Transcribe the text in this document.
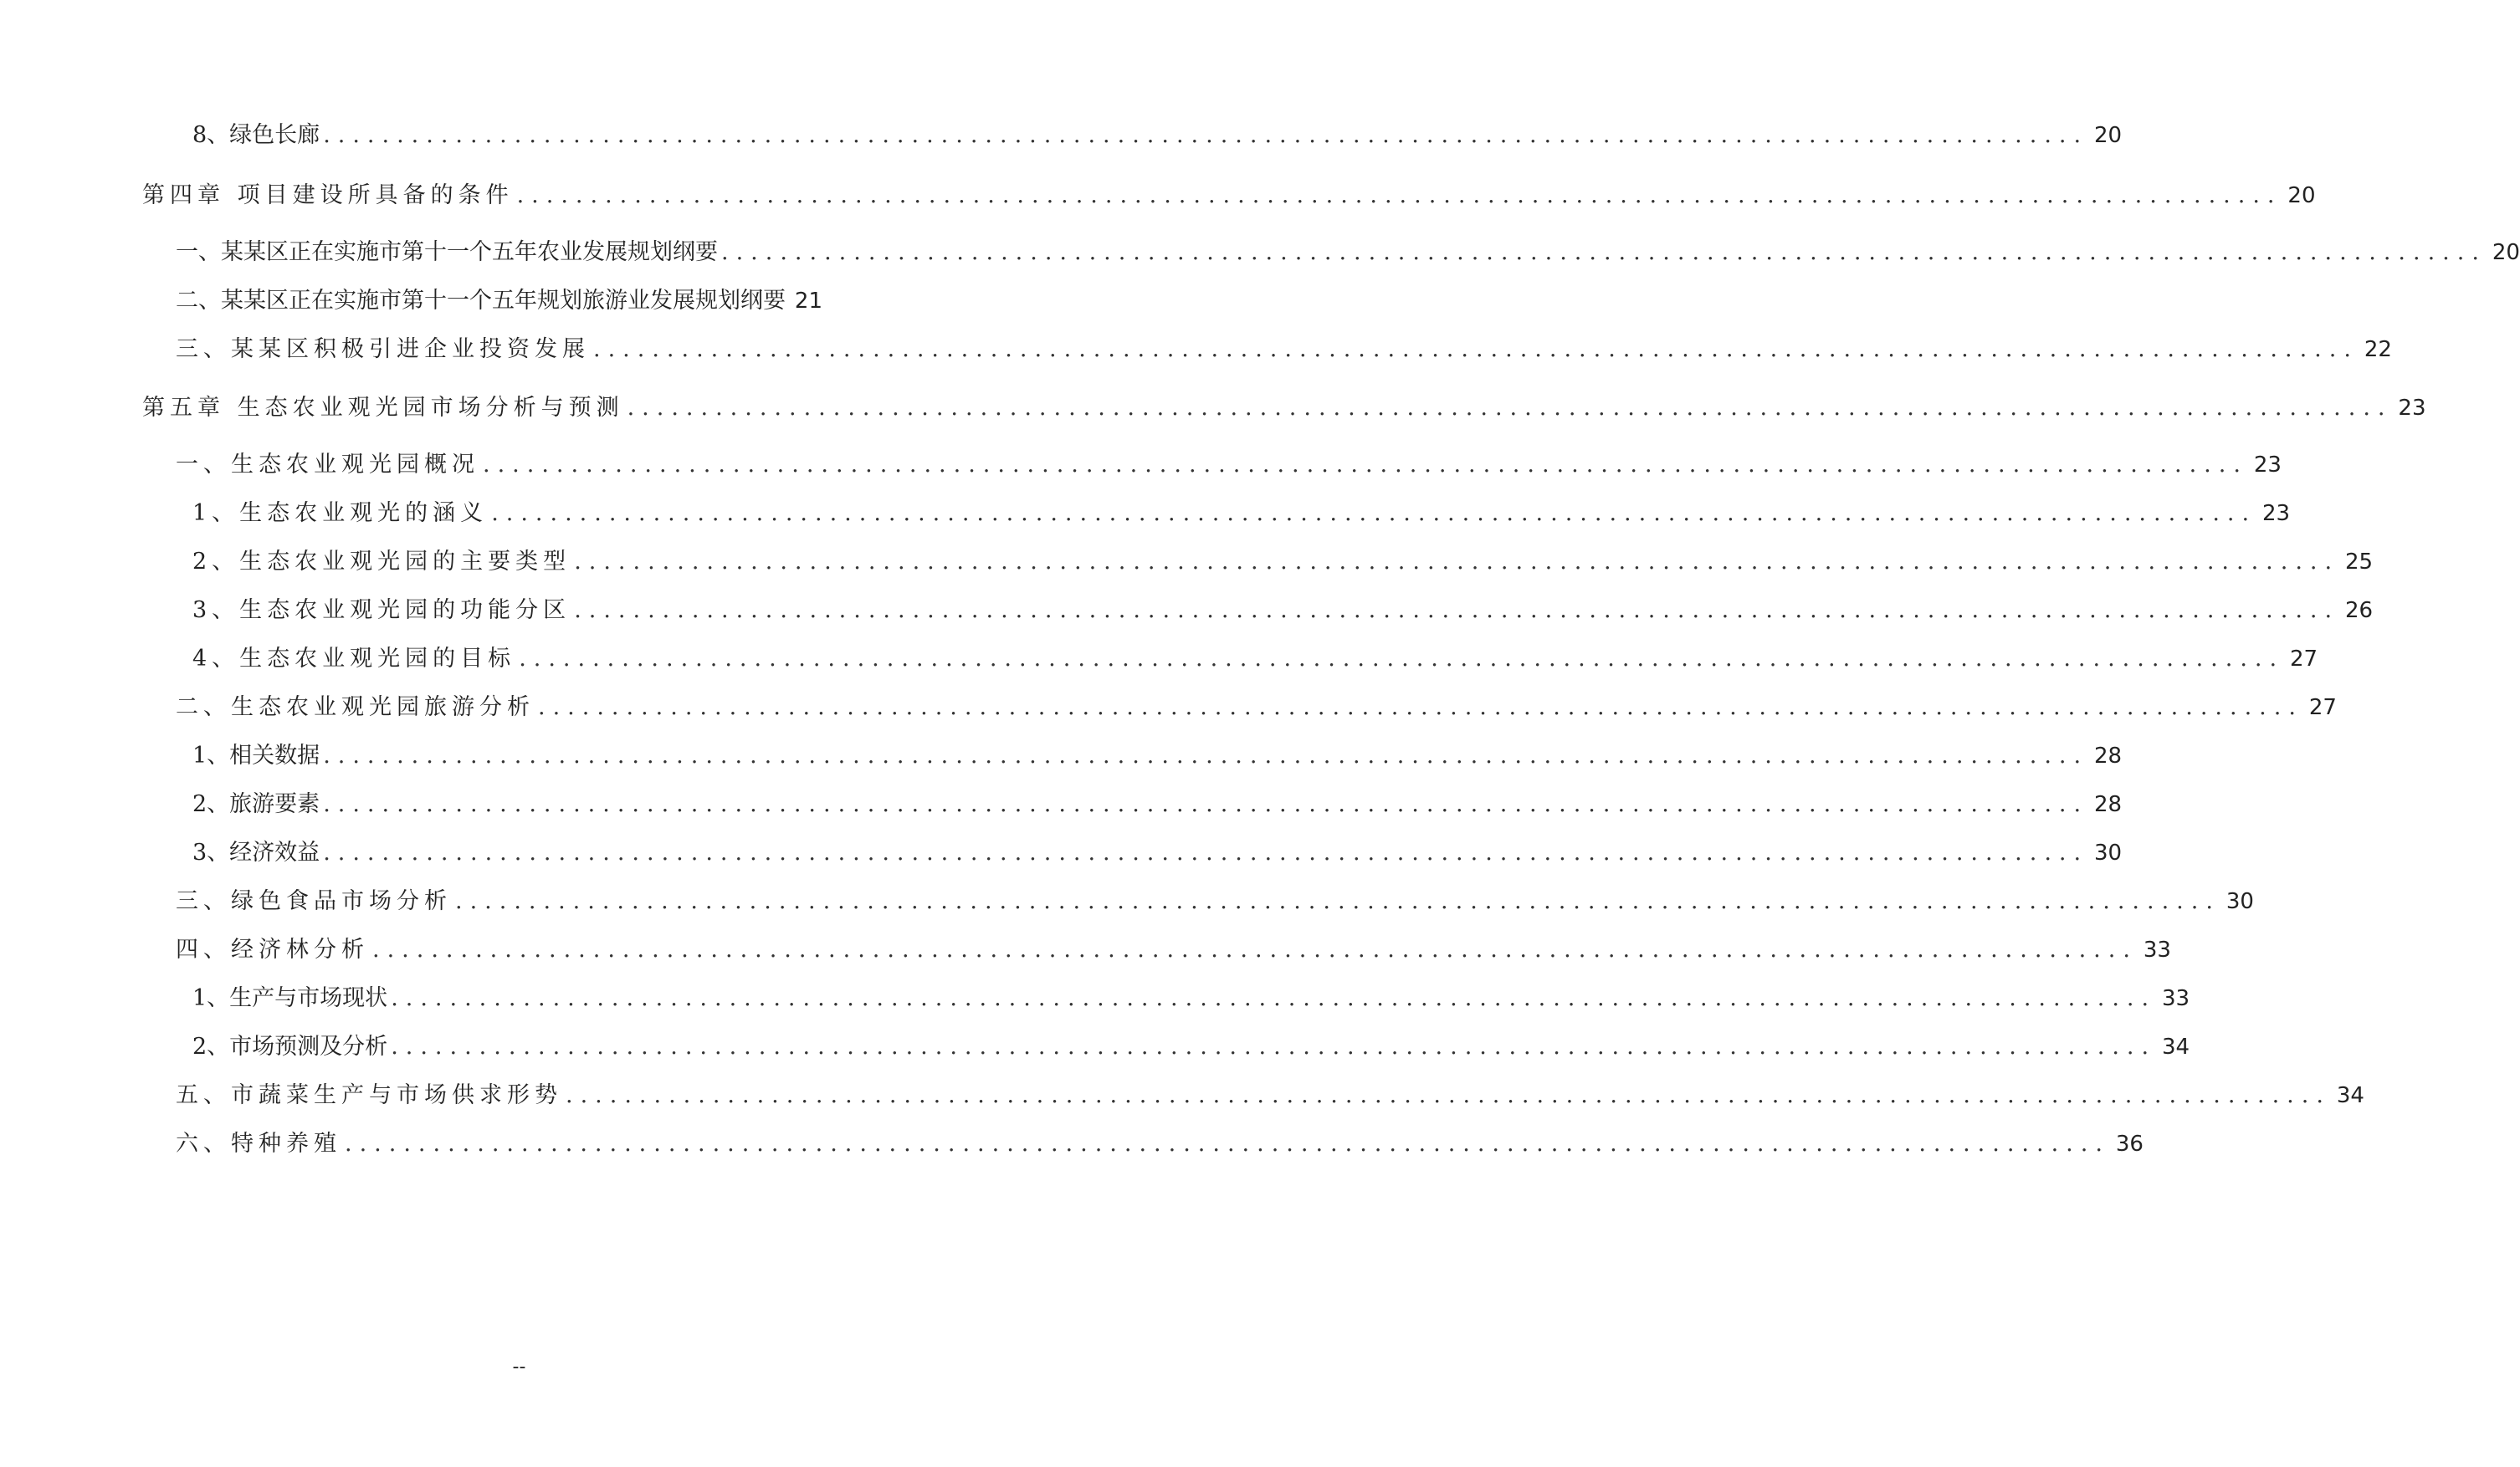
8、绿色长廊 ........................................................................................................................ 20
第四章 项目建设所具备的条件 ........................................................................................................................ 20
一、某某区正在实施市第十一个五年农业发展规划纲要 ........................................................................................................................ 20
二、某某区正在实施市第十一个五年规划旅游业发展规划纲要 21
三、某某区积极引进企业投资发展 ........................................................................................................................ 22
第五章 生态农业观光园市场分析与预测 ........................................................................................................................ 23
一、生态农业观光园概况 ........................................................................................................................ 23
1、生态农业观光的涵义 ........................................................................................................................ 23
2、生态农业观光园的主要类型 ........................................................................................................................ 25
3、生态农业观光园的功能分区 ........................................................................................................................ 26
4、生态农业观光园的目标 ........................................................................................................................ 27
二、生态农业观光园旅游分析 ........................................................................................................................ 27
1、相关数据 ........................................................................................................................ 28
2、旅游要素 ........................................................................................................................ 28
3、经济效益 ........................................................................................................................ 30
三、绿色食品市场分析 ........................................................................................................................ 30
四、经济林分析 ........................................................................................................................ 33
1、生产与市场现状 ........................................................................................................................ 33
2、市场预测及分析 ........................................................................................................................ 34
五、市蔬菜生产与市场供求形势 ........................................................................................................................ 34
六、特种养殖 ........................................................................................................................ 36
--
